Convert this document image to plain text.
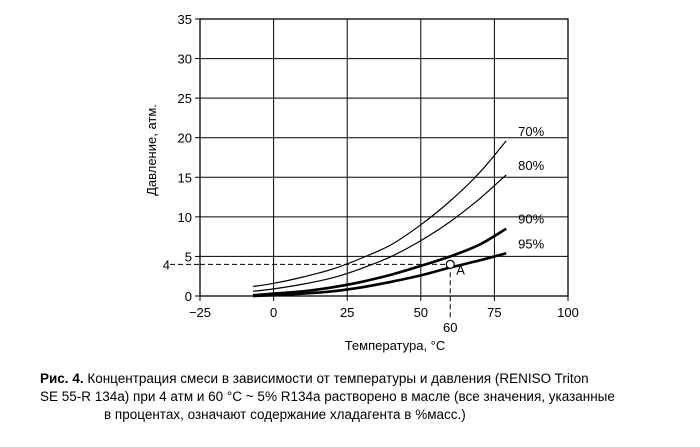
0
5
10
15
20
25
30
35
−25	0	25	50	75	100
70%
80%
90%
95%
A
60
4
Температура, °C
Давление, атм.
Рис. 4. Концентрация смеси в зависимости от температуры и давления (RENISO Triton
SE 55-R 134a) при 4 атм и 60 °С ~ 5% R134a растворено в масле (все значения, указанные
в процентах, означают содержание хладагента в %масс.)
